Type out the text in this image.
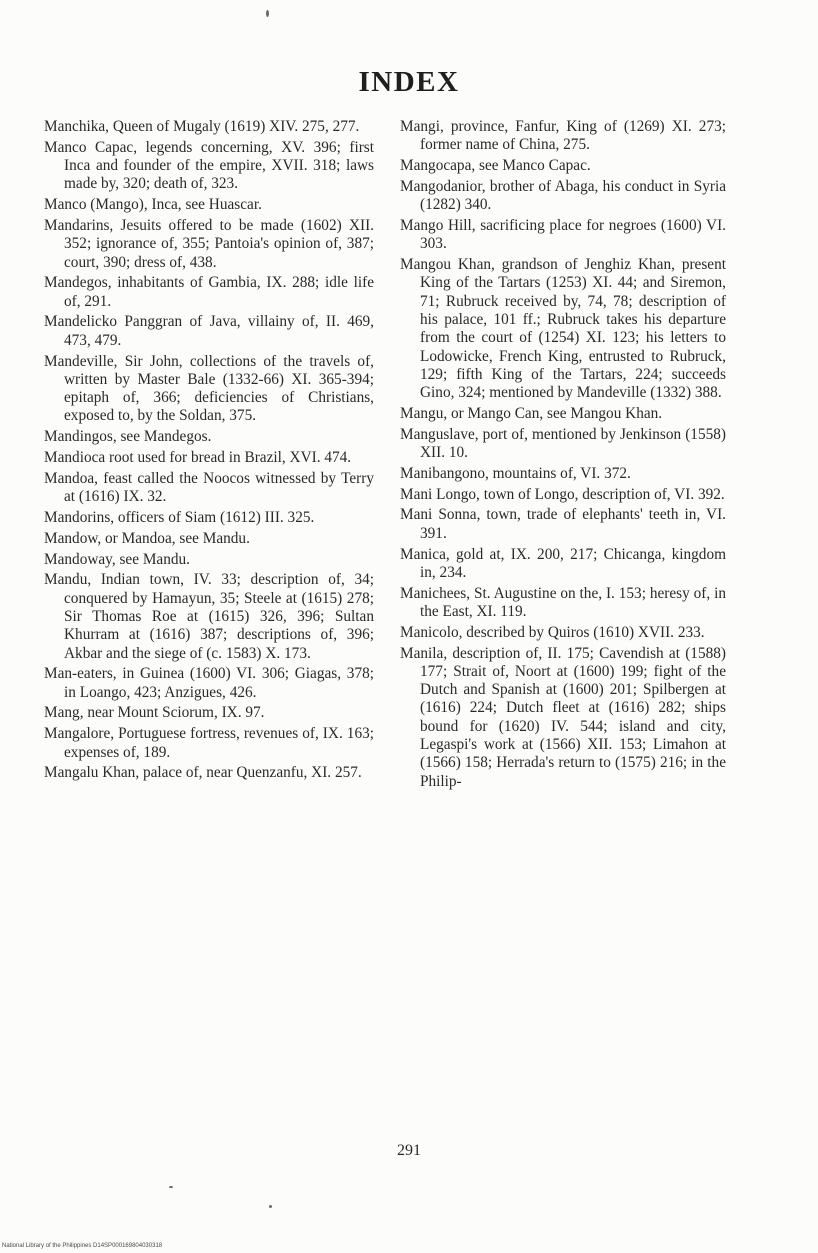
INDEX

Manchika, Queen of Mugaly (1619) XIV. 275, 277.

Manco Capac, legends concerning, XV. 396; first Inca and founder of the empire, XVII. 318; laws made by, 320; death of, 323.

Manco (Mango), Inca, see Huascar.

Mandarins, Jesuits offered to be made (1602) XII. 352; ignorance of, 355; Pantoia's opinion of, 387; court, 390; dress of, 438.

Mandegos, inhabitants of Gambia, IX. 288; idle life of, 291.

Mandelicko Panggran of Java, villainy of, II. 469, 473, 479.

Mandeville, Sir John, collections of the travels of, written by Master Bale (1332-66) XI. 365-394; epitaph of, 366; deficiencies of Christians, exposed to, by the Soldan, 375.

Mandingos, see Mandegos.

Mandioca root used for bread in Brazil, XVI. 474.

Mandoa, feast called the Noocos witnessed by Terry at (1616) IX. 32.

Mandorins, officers of Siam (1612) III. 325.

Mandow, or Mandoa, see Mandu.

Mandoway, see Mandu.

Mandu, Indian town, IV. 33; description of, 34; conquered by Hamayun, 35; Steele at (1615) 278; Sir Thomas Roe at (1615) 326, 396; Sultan Khurram at (1616) 387; descriptions of, 396; Akbar and the siege of (c. 1583) X. 173.

Man-eaters, in Guinea (1600) VI. 306; Giagas, 378; in Loango, 423; Anzigues, 426.

Mang, near Mount Sciorum, IX. 97.

Mangalore, Portuguese fortress, revenues of, IX. 163; expenses of, 189.

Mangalu Khan, palace of, near Quenzanfu, XI. 257.

Mangi, province, Fanfur, King of (1269) XI. 273; former name of China, 275.

Mangocapa, see Manco Capac.

Mangodanior, brother of Abaga, his conduct in Syria (1282) 340.

Mango Hill, sacrificing place for negroes (1600) VI. 303.

Mangou Khan, grandson of Jenghiz Khan, present King of the Tartars (1253) XI. 44; and Siremon, 71; Rubruck received by, 74, 78; description of his palace, 101 ff.; Rubruck takes his departure from the court of (1254) XI. 123; his letters to Lodowicke, French King, entrusted to Rubruck, 129; fifth King of the Tartars, 224; succeeds Gino, 324; mentioned by Mandeville (1332) 388.

Mangu, or Mango Can, see Mangou Khan.

Manguslave, port of, mentioned by Jenkinson (1558) XII. 10.

Manibangono, mountains of, VI. 372.

Mani Longo, town of Longo, description of, VI. 392.

Mani Sonna, town, trade of elephants' teeth in, VI. 391.

Manica, gold at, IX. 200, 217; Chicanga, kingdom in, 234.

Manichees, St. Augustine on the, I. 153; heresy of, in the East, XI. 119.

Manicolo, described by Quiros (1610) XVII. 233.

Manila, description of, II. 175; Cavendish at (1588) 177; Strait of, Noort at (1600) 199; fight of the Dutch and Spanish at (1600) 201; Spilbergen at (1616) 224; Dutch fleet at (1616) 282; ships bound for (1620) IV. 544; island and city, Legaspi's work at (1566) XII. 153; Limahon at (1566) 158; Herrada's return to (1575) 216; in the Philip-

291
National Library of the Philippines D14SP000169804030318
